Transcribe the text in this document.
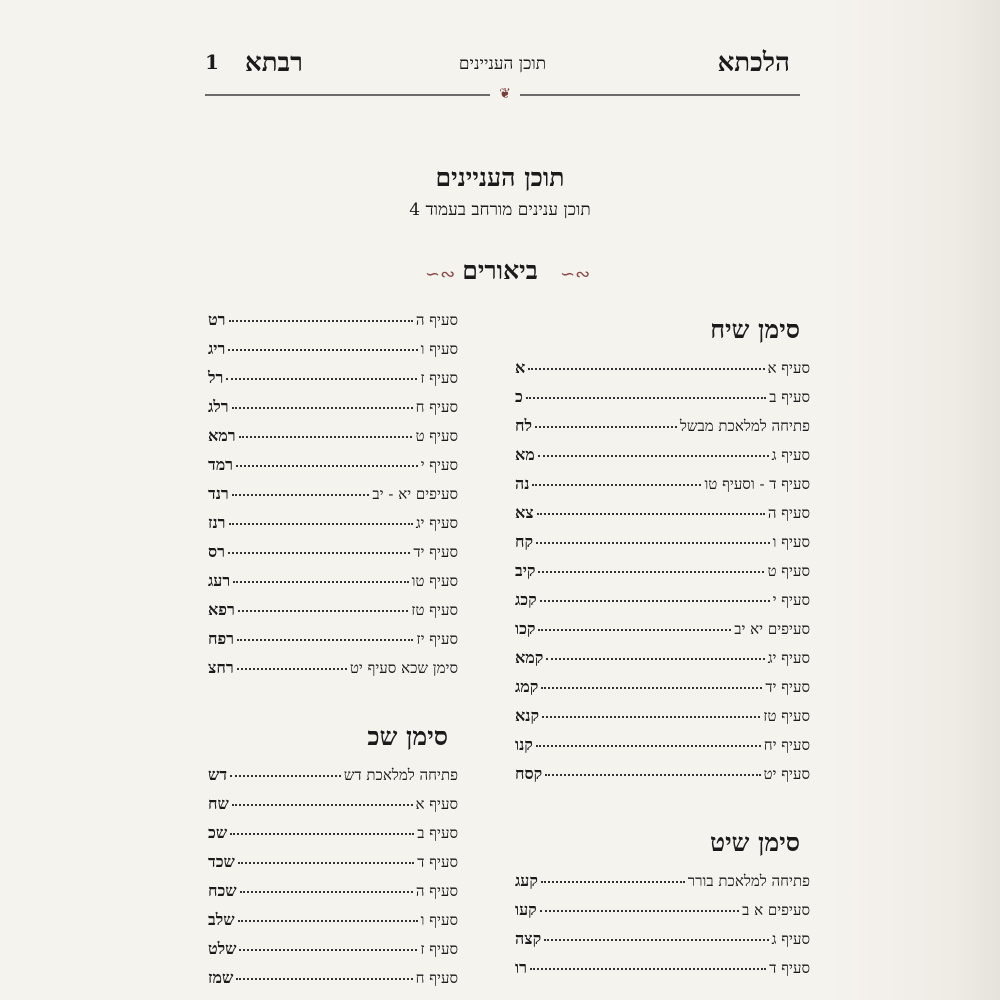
הלכתא
תוכן העניינים
רבתא
1
❦
תוכן העניינים
תוכן ענינים מורחב בעמוד 4
∽∾ ביאורים	∽∾
סימן שיח
סעיף א
א
סעיף ב
כ
פתיחה למלאכת מבשל
לח
סעיף ג
מא
סעיף ד - וסעיף טו
נה
סעיף ה
צא
סעיף ו
קח
סעיף ט
קיב
סעיף י
קכג
סעיפים יא יב
קכו
סעיף יג
קמא
סעיף יד
קמג
סעיף טז
קנא
סעיף יח
קנו
סעיף יט
קסח
סימן שיט
פתיחה למלאכת בורר
קעג
סעיפים א ב
קעו
סעיף ג
קצה
סעיף ד
רו
סעיף ה
רט
סעיף ו
ריג
סעיף ז
רל
סעיף ח
רלג
סעיף ט
רמא
סעיף י
רמד
סעיפים יא - יב
רנד
סעיף יג
רנז
סעיף יד
רס
סעיף טו
רעג
סעיף טז
רפא
סעיף יז
רפח
סימן שכא סעיף יט
רחצ
סימן שכ
פתיחה למלאכת דש
דש
סעיף א
שח
סעיף ב
שכ
סעיף ד
שכד
סעיף ה
שכח
סעיף ו
שלב
סעיף ז
שלט
סעיף ח
שמז
